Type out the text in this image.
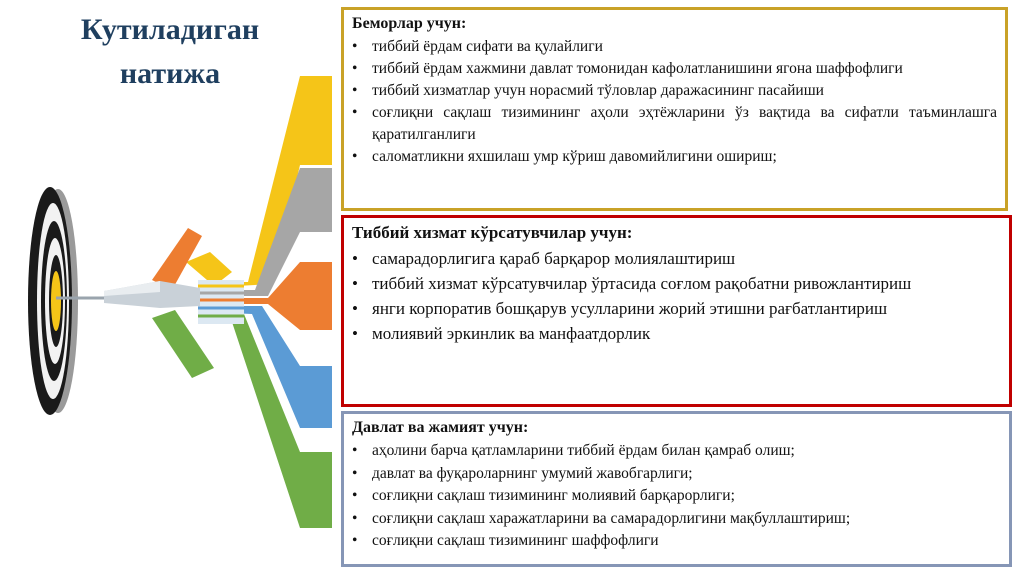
Кутиладиган
натижа
Беморлар учун:
• тиббий ёрдам сифати ва қулайлиги
• тиббий ёрдам хажмини давлат томонидан кафолатланишини ягона шаффофлиги
• тиббий хизматлар учун норасмий тўловлар даражасининг пасайиши
• соғлиқни сақлаш тизимининг аҳоли эҳтёжларини ўз вақтида ва сифатли таъминлашга қаратилганлиги
• саломатликни яхшилаш умр кўриш давомийлигини ошириш;
Тиббий хизмат кўрсатувчилар учун:
• самарадорлигига қараб барқарор молиялаштириш
• тиббий хизмат кўрсатувчилар ўртасида соғлом рақобатни ривожлантириш
• янги корпоратив бошқарув усулларини жорий этишни рағбатлантириш
• молиявий эркинлик ва манфаатдорлик
Давлат ва жамият учун:
• аҳолини барча қатламларини тиббий ёрдам билан қамраб олиш;
• давлат ва фуқароларнинг умумий жавобгарлиги;
• соғлиқни сақлаш тизимининг молиявий барқарорлиги;
• соғлиқни сақлаш харажатларини ва самарадорлигини мақбуллаштириш;
• соғлиқни сақлаш тизимининг шаффофлиги
